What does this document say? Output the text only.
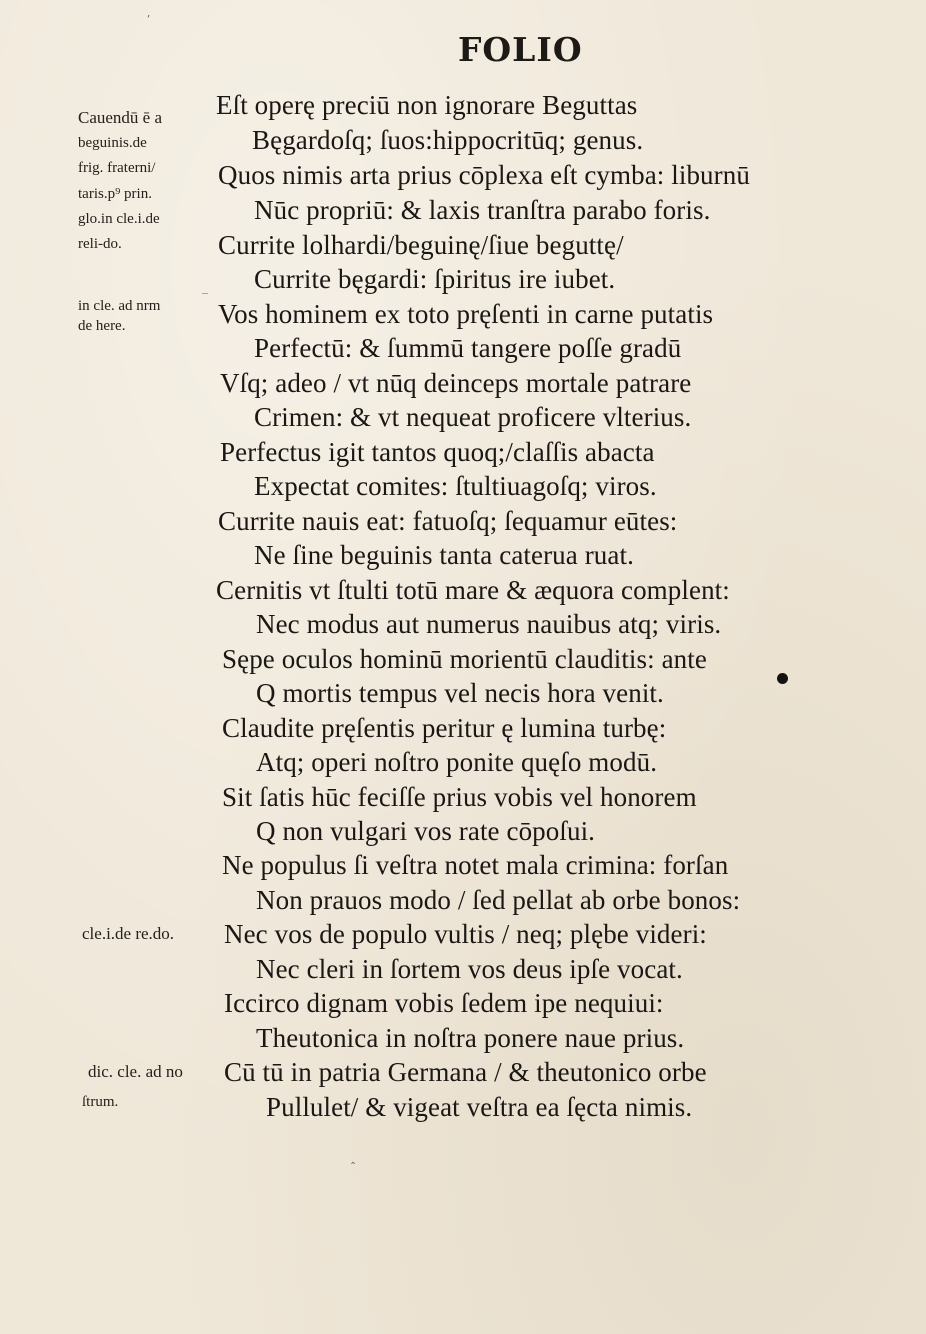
FOLIO
‚
_
‸
Eſt operę preciū non ignorare Beguttas
Bęgardoſq; ſuos:hippocritūq; genus.
Quos nimis arta prius cōplexa eſt cymba: liburnū
Nūc propriū: & laxis tranſtra parabo foris.
Currite lolhardi/beguinę/ſiue beguttę/
Currite bęgardi: ſpiritus ire iubet.
Vos hominem ex toto pręſenti in carne putatis
Perfectū: & ſummū tangere poſſe gradū
Vſq; adeo / vt nūq deinceps mortale patrare
Crimen: & vt nequeat proficere vlterius.
Perfectus igit tantos quoq;/claſſis abacta
Expectat comites: ſtultiuagoſq; viros.
Currite nauis eat: fatuoſq; ſequamur eūtes:
Ne ſine beguinis tanta caterua ruat.
Cernitis vt ſtulti totū mare & æquora complent:
Nec modus aut numerus nauibus atq; viris.
Sępe oculos hominū morientū clauditis: ante
Q mortis tempus vel necis hora venit.
Claudite pręſentis peritur ę lumina turbę:
Atq; operi noſtro ponite quęſo modū.
Sit ſatis hūc feciſſe prius vobis vel honorem
Q non vulgari vos rate cōpoſui.
Ne populus ſi veſtra notet mala crimina: forſan
Non prauos modo / ſed pellat ab orbe bonos:
Nec vos de populo vultis / neq; plębe videri:
Nec cleri in ſortem vos deus ipſe vocat.
Iccirco dignam vobis ſedem ipe nequiui:
Theutonica in noſtra ponere naue prius.
Cū tū in patria Germana / & theutonico orbe
Pullulet/ & vigeat veſtra ea ſęcta nimis.
Cauendū ē a
beguinis.de
frig. fraterni/
taris.p⁹ prin.
glo.in cle.i.de
reli-do.
in cle. ad nrm
de here.
cle.i.de re.do.
dic. cle. ad no
ſtrum.
